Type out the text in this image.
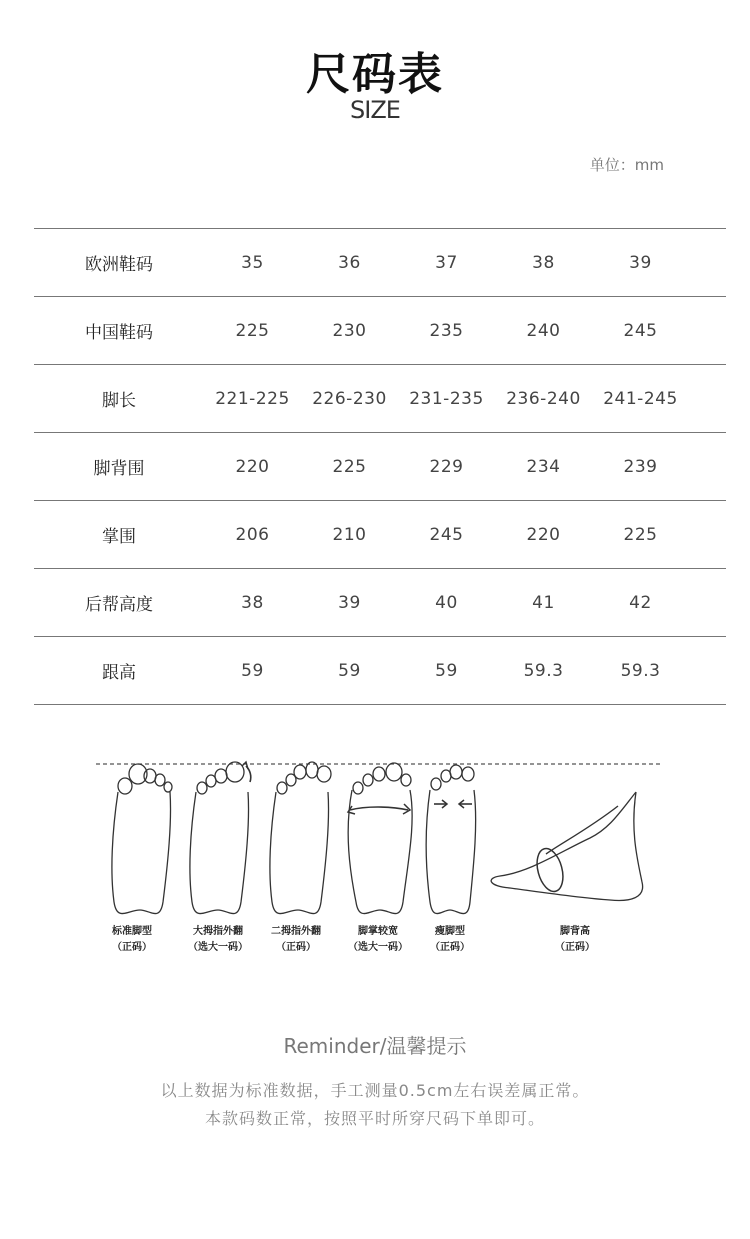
尺码表
SIZE
单位：mm
欧洲鞋码	35	36	37	38	39
中国鞋码	225	230	235	240	245
脚长	221-225	226-230	231-235	236-240	241-245
脚背围	220	225	229	234	239
掌围	206	210	245	220	225
后帮高度	38	39	40	41	42
跟高	59	59	59	59.3	59.3
标准脚型
（正码）
大拇指外翻
（选大一码）
二拇指外翻
（正码）
脚掌较宽
（选大一码）
瘦脚型
（正码）
脚背高
（正码）
Reminder/温馨提示
以上数据为标准数据，手工测量0.5cm左右误差属正常。
本款码数正常，按照平时所穿尺码下单即可。
